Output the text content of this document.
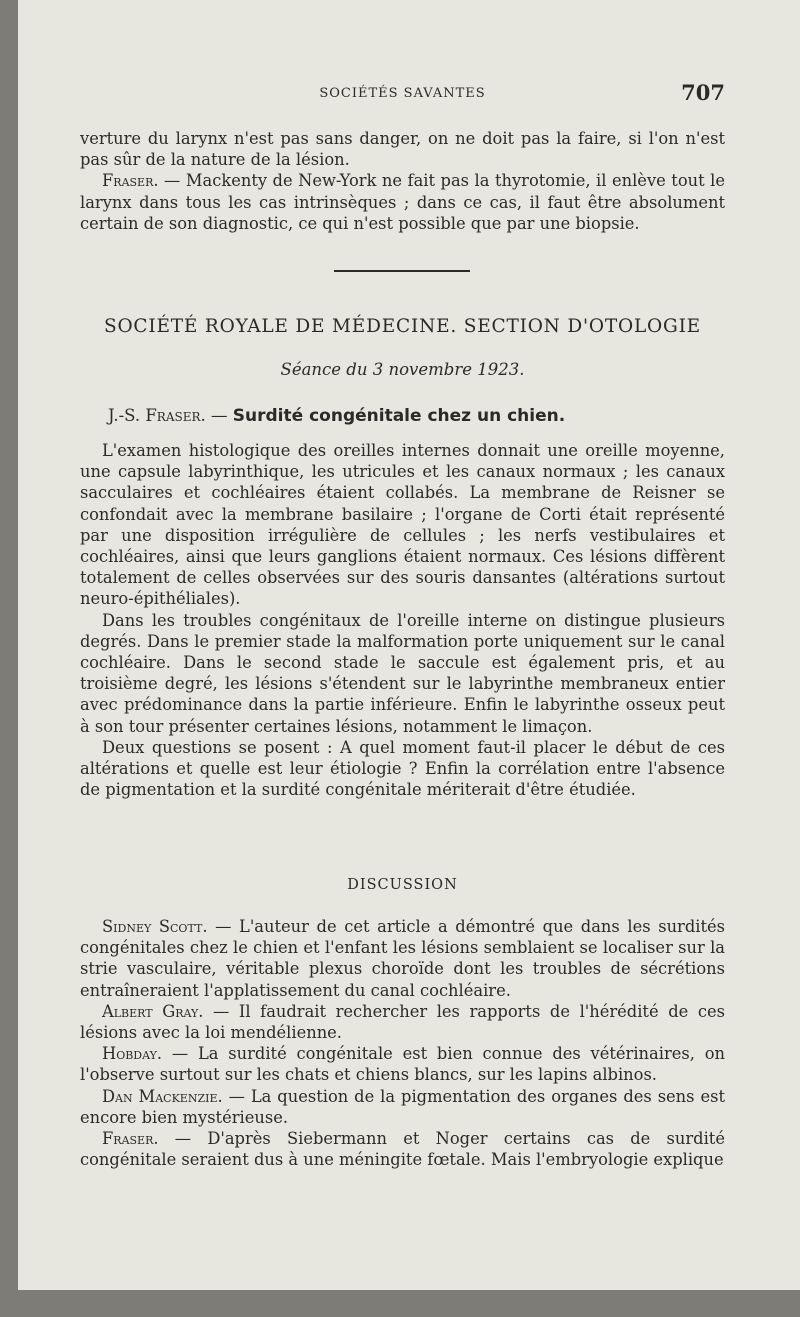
SOCIÉTÉS SAVANTES	707

verture du larynx n'est pas sans danger, on ne doit pas la faire, si l'on n'est pas sûr de la nature de la lésion.

Fraser. — Mackenty de New-York ne fait pas la thyrotomie, il enlève tout le larynx dans tous les cas intrinsèques ; dans ce cas, il faut être absolument certain de son diagnostic, ce qui n'est possible que par une biopsie.

SOCIÉTÉ ROYALE DE MÉDECINE. SECTION D'OTOLOGIE
Séance du 3 novembre 1923.
J.-S. Fraser. — Surdité congénitale chez un chien.

L'examen histologique des oreilles internes donnait une oreille moyenne, une capsule labyrinthique, les utricules et les canaux normaux ; les canaux sacculaires et cochléaires étaient collabés. La membrane de Reisner se confondait avec la membrane basilaire ; l'organe de Corti était représenté par une disposition irrégulière de cellules ; les nerfs vestibulaires et cochléaires, ainsi que leurs ganglions étaient normaux. Ces lésions diffèrent totalement de celles observées sur des souris dansantes (altérations surtout neuro-épithéliales).

Dans les troubles congénitaux de l'oreille interne on distingue plusieurs degrés. Dans le premier stade la malformation porte uniquement sur le canal cochléaire. Dans le second stade le saccule est également pris, et au troisième degré, les lésions s'étendent sur le labyrinthe membraneux entier avec prédominance dans la partie inférieure. Enfin le labyrinthe osseux peut à son tour présenter certaines lésions, notamment le limaçon.

Deux questions se posent : A quel moment faut-il placer le début de ces altérations et quelle est leur étiologie ? Enfin la corrélation entre l'absence de pigmentation et la surdité congénitale mériterait d'être étudiée.

DISCUSSION

Sidney Scott. — L'auteur de cet article a démontré que dans les surdités congénitales chez le chien et l'enfant les lésions semblaient se localiser sur la strie vasculaire, véritable plexus choroïde dont les troubles de sécrétions entraîneraient l'applatissement du canal cochléaire.

Albert Gray. — Il faudrait rechercher les rapports de l'hérédité de ces lésions avec la loi mendélienne.

Hobday. — La surdité congénitale est bien connue des vétérinaires, on l'observe surtout sur les chats et chiens blancs, sur les lapins albinos.

Dan Mackenzie. — La question de la pigmentation des organes des sens est encore bien mystérieuse.

Fraser. — D'après Siebermann et Noger certains cas de surdité congénitale seraient dus à une méningite fœtale. Mais l'embryologie explique
